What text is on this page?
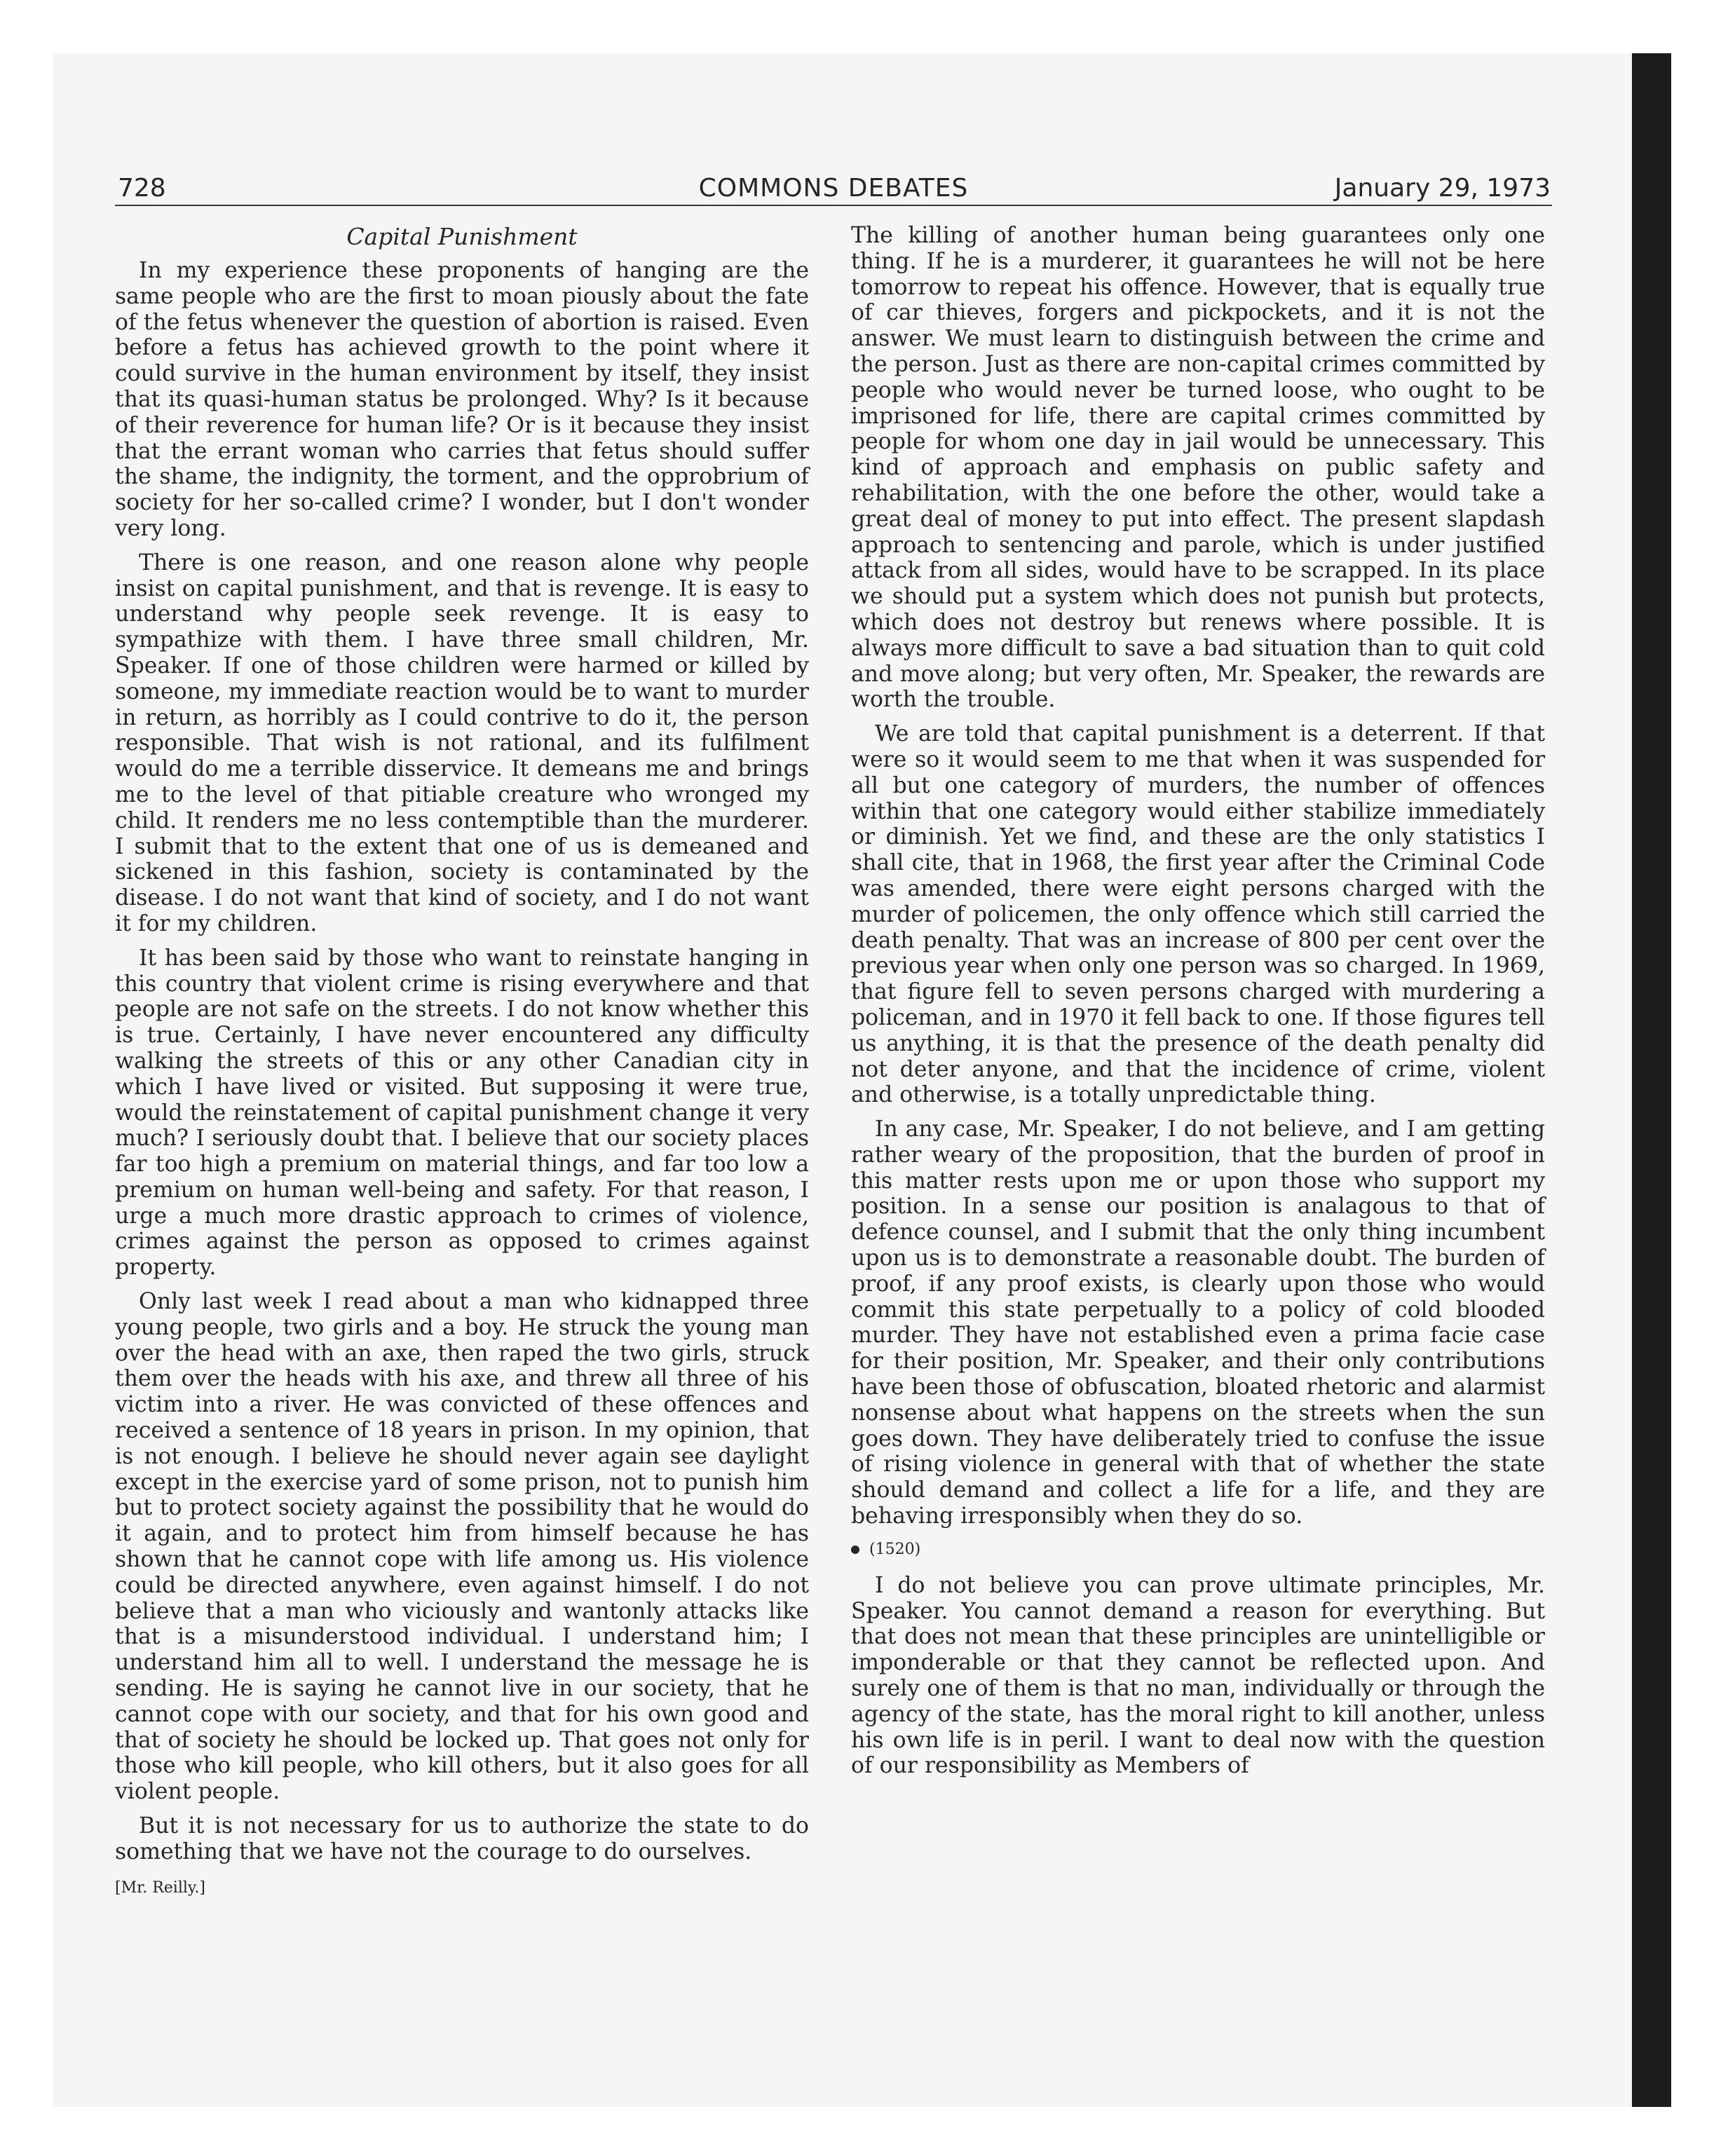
728	COMMONS DEBATES	January 29, 1973
Capital Punishment

In my experience these proponents of hanging are the same people who are the first to moan piously about the fate of the fetus whenever the question of abortion is raised. Even before a fetus has achieved growth to the point where it could survive in the human environment by itself, they insist that its quasi-human status be prolonged. Why? Is it because of their reverence for human life? Or is it because they insist that the errant woman who carries that fetus should suffer the shame, the indignity, the torment, and the opprobrium of society for her so-called crime? I wonder, but I don't wonder very long.

There is one reason, and one reason alone why people insist on capital punishment, and that is revenge. It is easy to understand why people seek revenge. It is easy to sympathize with them. I have three small children, Mr. Speaker. If one of those children were harmed or killed by someone, my immediate reaction would be to want to murder in return, as horribly as I could contrive to do it, the person responsible. That wish is not rational, and its fulfilment would do me a terrible disservice. It demeans me and brings me to the level of that pitiable creature who wronged my child. It renders me no less contemptible than the murderer. I submit that to the extent that one of us is demeaned and sickened in this fashion, society is contaminated by the disease. I do not want that kind of society, and I do not want it for my children.

It has been said by those who want to reinstate hanging in this country that violent crime is rising everywhere and that people are not safe on the streets. I do not know whether this is true. Certainly, I have never encountered any difficulty walking the streets of this or any other Canadian city in which I have lived or visited. But supposing it were true, would the reinstatement of capital punishment change it very much? I seriously doubt that. I believe that our society places far too high a premium on material things, and far too low a premium on human well-being and safety. For that reason, I urge a much more drastic approach to crimes of violence, crimes against the person as opposed to crimes against property.

Only last week I read about a man who kidnapped three young people, two girls and a boy. He struck the young man over the head with an axe, then raped the two girls, struck them over the heads with his axe, and threw all three of his victim into a river. He was convicted of these offences and received a sentence of 18 years in prison. In my opinion, that is not enough. I believe he should never again see daylight except in the exercise yard of some prison, not to punish him but to protect society against the possibility that he would do it again, and to protect him from himself because he has shown that he cannot cope with life among us. His violence could be directed anywhere, even against himself. I do not believe that a man who viciously and wantonly attacks like that is a misunderstood individual. I understand him; I understand him all to well. I understand the message he is sending. He is saying he cannot live in our society, that he cannot cope with our society, and that for his own good and that of society he should be locked up. That goes not only for those who kill people, who kill others, but it also goes for all violent people.

But it is not necessary for us to authorize the state to do something that we have not the courage to do ourselves.

[Mr. Reilly.]

The killing of another human being guarantees only one thing. If he is a murderer, it guarantees he will not be here tomorrow to repeat his offence. However, that is equally true of car thieves, forgers and pickpockets, and it is not the answer. We must learn to distinguish between the crime and the person. Just as there are non-capital crimes committed by people who would never be turned loose, who ought to be imprisoned for life, there are capital crimes committed by people for whom one day in jail would be unnecessary. This kind of approach and emphasis on public safety and rehabilitation, with the one before the other, would take a great deal of money to put into effect. The present slapdash approach to sentencing and parole, which is under justified attack from all sides, would have to be scrapped. In its place we should put a system which does not punish but protects, which does not destroy but renews where possible. It is always more difficult to save a bad situation than to quit cold and move along; but very often, Mr. Speaker, the rewards are worth the trouble.

We are told that capital punishment is a deterrent. If that were so it would seem to me that when it was suspended for all but one category of murders, the number of offences within that one category would either stabilize immediately or diminish. Yet we find, and these are the only statistics I shall cite, that in 1968, the first year after the Criminal Code was amended, there were eight persons charged with the murder of policemen, the only offence which still carried the death penalty. That was an increase of 800 per cent over the previous year when only one person was so charged. In 1969, that figure fell to seven persons charged with murdering a policeman, and in 1970 it fell back to one. If those figures tell us anything, it is that the presence of the death penalty did not deter anyone, and that the incidence of crime, violent and otherwise, is a totally unpredictable thing.

In any case, Mr. Speaker, I do not believe, and I am getting rather weary of the proposition, that the burden of proof in this matter rests upon me or upon those who support my position. In a sense our position is analagous to that of defence counsel, and I submit that the only thing incumbent upon us is to demonstrate a reasonable doubt. The burden of proof, if any proof exists, is clearly upon those who would commit this state perpetually to a policy of cold blooded murder. They have not established even a prima facie case for their position, Mr. Speaker, and their only contributions have been those of obfuscation, bloated rhetoric and alarmist nonsense about what happens on the streets when the sun goes down. They have deliberately tried to confuse the issue of rising violence in general with that of whether the state should demand and collect a life for a life, and they are behaving irresponsibly when they do so.

(1520)

I do not believe you can prove ultimate principles, Mr. Speaker. You cannot demand a reason for everything. But that does not mean that these principles are unintelligible or imponderable or that they cannot be reflected upon. And surely one of them is that no man, individually or through the agency of the state, has the moral right to kill another, unless his own life is in peril. I want to deal now with the question of our responsibility as Members of
